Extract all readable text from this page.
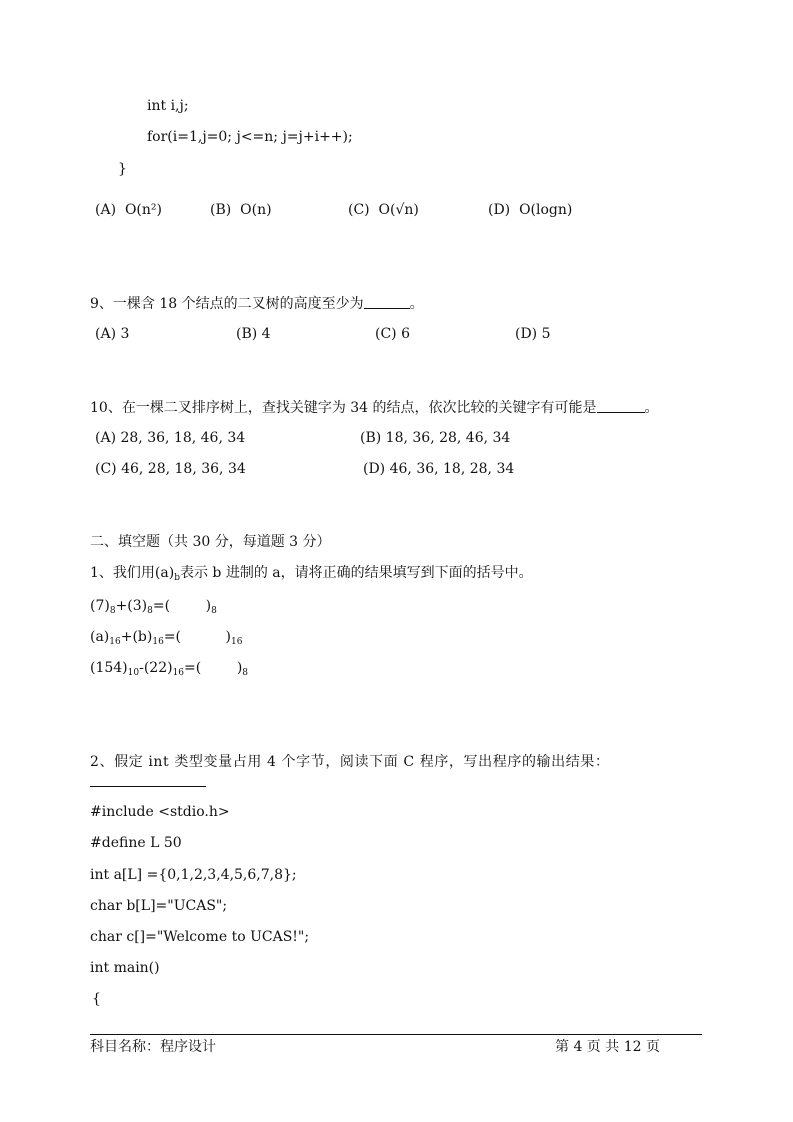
int i,j;
for(i=1,j=0; j<=n; j=j+i++);
}
(A) O(n²)	(B) O(n)	(C) O(√n)	(D) O(logn)
9、一棵含 18 个结点的二叉树的高度至少为	。
(A) 3	(B) 4	(C) 6	(D) 5
10、在一棵二叉排序树上，查找关键字为 34 的结点，依次比较的关键字有可能是	。
(A) 28, 36, 18, 46, 34	(B) 18, 36, 28, 46, 34
(C) 46, 28, 18, 36, 34	(D) 46, 36, 18, 28, 34
二、填空题（共 30 分，每道题 3 分）
1、我们用$(a)_b$表示 b 进制的 a，请将正确的结果填写到下面的括号中。
$(7)_8+(3)_8=$(        )$_8$
$(a)_{16}+(b)_{16}=$(          )$_{16}$
$(154)_{10}-(22)_{16}=$(        )$_8$
2、假定 int 类型变量占用 4 个字节，阅读下面 C 程序，写出程序的输出结果：
#include <stdio.h>
#define L 50
int a[L] ={0,1,2,3,4,5,6,7,8};
char b[L]="UCAS";
char c[]="Welcome to UCAS!";
int main()
{
科目名称：程序设计	第 4 页 共 12 页
